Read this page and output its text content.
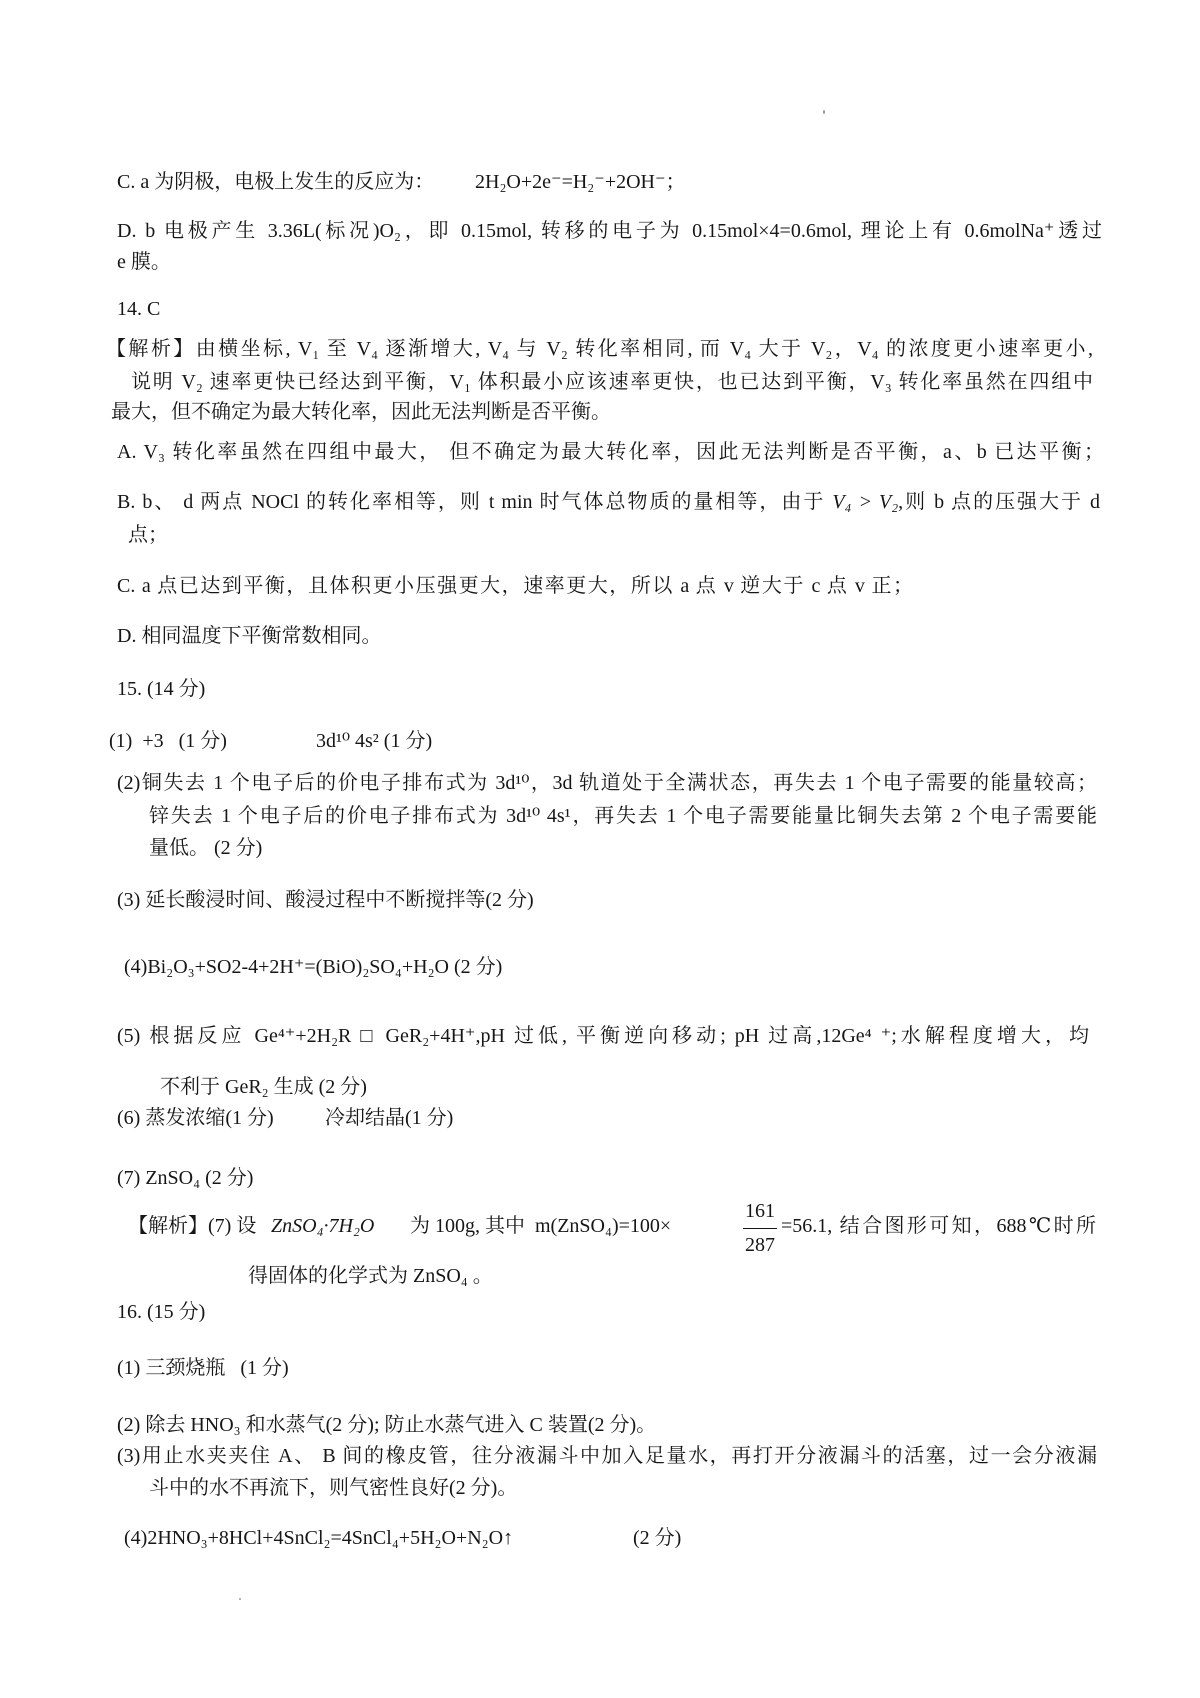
C. a 为阴极，电极上发生的反应为： 2H₂O+2e⁻=H₂⁻+2OH⁻；
D. b 电极产生 3.36L(标况)O₂，即 0.15mol, 转移的电子为 0.15mol×4=0.6mol, 理论上有 0.6molNa⁺透过
e 膜。
14. C
【解析】由横坐标, V₁ 至 V₄ 逐渐增大, V₄ 与 V₂ 转化率相同, 而 V₄ 大于 V₂，V₄ 的浓度更小速率更小,
说明 V₂ 速率更快已经达到平衡，V₁ 体积最小应该速率更快，也已达到平衡，V₃ 转化率虽然在四组中
最大，但不确定为最大转化率，因此无法判断是否平衡。
A. V₃ 转化率虽然在四组中最大， 但不确定为最大转化率，因此无法判断是否平衡，a、b 已达平衡；
B. b、 d 两点 NOCl 的转化率相等，则 t min 时气体总物质的量相等，由于 V₄ > V₂,则 b 点的压强大于 d
点；
C. a 点已达到平衡，且体积更小压强更大，速率更大，所以 a 点 v 逆大于 c 点 v 正；
D. 相同温度下平衡常数相同。
15. (14 分)
(1)  +3   (1 分)	3d¹⁰ 4s² (1 分)
(2)铜失去 1 个电子后的价电子排布式为 3d¹⁰，3d 轨道处于全满状态，再失去 1 个电子需要的能量较高；
锌失去 1 个电子后的价电子排布式为 3d¹⁰ 4s¹，再失去 1 个电子需要能量比铜失去第 2 个电子需要能
量低。 (2 分)
(3) 延长酸浸时间、酸浸过程中不断搅拌等(2 分)
(4)Bi₂O₃+SO2-4+2H⁺=(BiO)₂SO₄+H₂O (2 分)
(5) 根据反应 Ge⁴⁺+2H₂R □ GeR₂+4H⁺,pH 过低, 平衡逆向移动; pH 过高,12Ge⁴ ⁺;水解程度增大，均
不利于 GeR₂ 生成 (2 分)
(6) 蒸发浓缩(1 分)	冷却结晶(1 分)
(7) ZnSO₄ (2 分)
【解析】(7) 设 ZnSO₄·7H₂O 为 100g, 其中  m(ZnSO₄)=100×
161
287
=56.1, 结合图形可知，688℃时所
得固体的化学式为 ZnSO₄ 。
16. (15 分)
(1) 三颈烧瓶   (1 分)
(2) 除去 HNO₃ 和水蒸气(2 分); 防止水蒸气进入 C 装置(2 分)。
(3)用止水夹夹住 A、 B 间的橡皮管，往分液漏斗中加入足量水，再打开分液漏斗的活塞，过一会分液漏
斗中的水不再流下，则气密性良好(2 分)。
(4)2HNO₃+8HCl+4SnCl₂=4SnCl₄+5H₂O+N₂O↑	(2 分)
